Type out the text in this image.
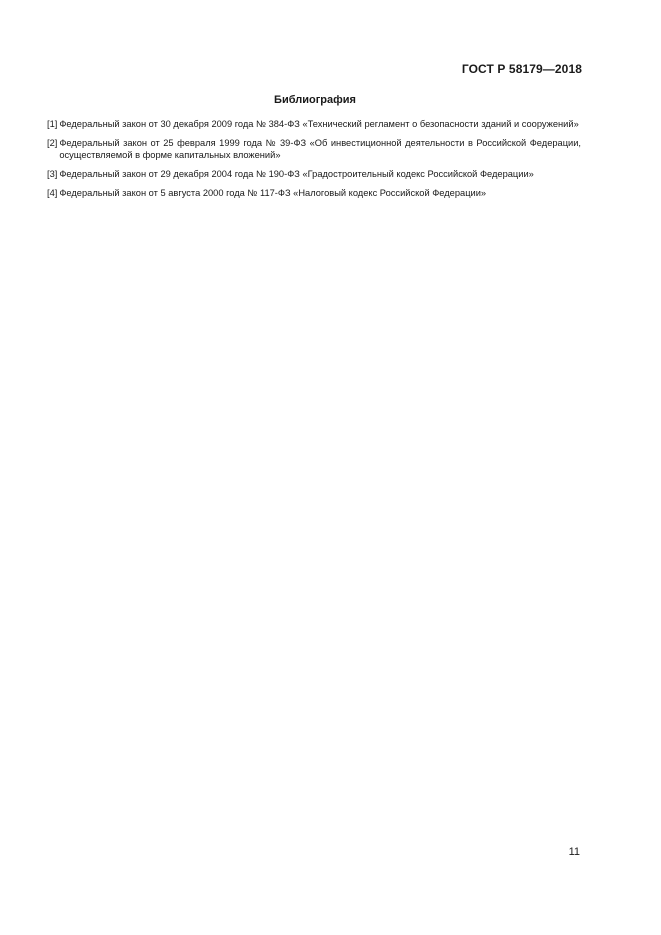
ГОСТ Р 58179—2018
Библиография
[1] Федеральный закон от 30 декабря 2009 года № 384-ФЗ «Технический регламент о безопасности зданий и сооружений»
[2] Федеральный закон от 25 февраля 1999 года № 39-ФЗ «Об инвестиционной деятельности в Российской Федерации, осуществляемой в форме капитальных вложений»
[3] Федеральный закон от 29 декабря 2004 года № 190-ФЗ «Градостроительный кодекс Российской Федерации»
[4] Федеральный закон от 5 августа 2000 года № 117-ФЗ «Налоговый кодекс Российской Федерации»
11
